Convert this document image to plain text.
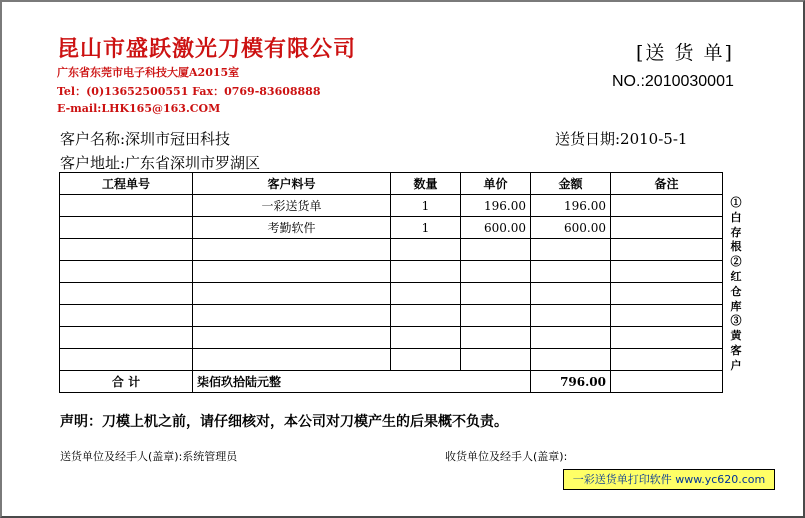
昆山市盛跃激光刀模有限公司
广东省东莞市电子科技大厦A2015室
Tel：(0)13652500551 Fax：0769-83608888
E-mail:LHK165@163.COM
[送 货 单]
NO.:2010030001
客户名称:深圳市冠田科技	送货日期:2010-5-1
客户地址:广东省深圳市罗湖区
工程单号	客户料号	数量	单价	金额	备注
	一彩送货单	1	196.00	196.00	
	考勤软件	1	600.00	600.00	

合 计	柒佰玖拾陆元整			796.00	
①白存根②红仓库③黄客户
声明：刀模上机之前，请仔细核对，本公司对刀模产生的后果概不负责。
送货单位及经手人(盖章):系统管理员	收货单位及经手人(盖章):
一彩送货单打印软件 www.yc620.com
